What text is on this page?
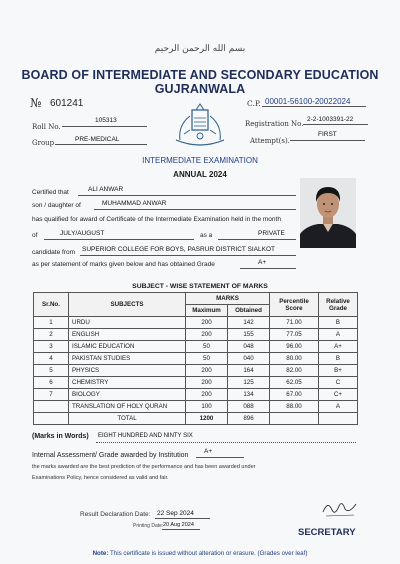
بسم الله الرحمن الرحیم
BOARD OF INTERMEDIATE AND SECONDARY EDUCATION
GUJRANWALA
№ 601241	C.P. 00001-56100-20022024
Roll No.
105313	Registration No.
2-2-1003391-22
Group	PRE-MEDICAL	Attempt(s).
FIRST
INTERMEDIATE EXAMINATION
ANNUAL 2024
Certified that	ALI ANWAR
son / daughter of	MUHAMMAD ANWAR
has qualified for award of Certificate of the Intermediate Examination held in the month
of	JULY/AUGUST	as a	PRIVATE
candidate from SUPERIOR COLLEGE FOR BOYS, PASRUR DISTRICT SIALKOT
as per statement of marks given below and has obtained Grade	A+
SUBJECT - WISE STATEMENT OF MARKS
Sr.No.	SUBJECTS	MARKS		Percentile Score	Relative Grade
		Maximum	Obtained		
1	URDU	200	142	71.00	B
2	ENGLISH	200	155	77.05	A
3	ISLAMIC EDUCATION	50	048	96.00	A+
4	PAKISTAN STUDIES	50	040	80.00	B
5	PHYSICS	200	164	82.00	B+
6	CHEMISTRY	200	125	62.05	C
7	BIOLOGY	200	134	67.00	C+
	TRANSLATION OF HOLY QURAN	100	088	88.00	A
	TOTAL	1200	896		
(Marks in Words) EIGHT HUNDRED AND NINTY SIX
Internal Assessment/ Grade awarded by Institution
A+
the marks awarded are the best prediction of the performance and has been awarded under
Examinations Policy, hence considered as valid and fair.
Result Declaration Date: 22 Sep 2024
Printing Date: 20 Aug 2024
SECRETARY
Note: This certificate is issued without alteration or erasure. (Grades over leaf)
